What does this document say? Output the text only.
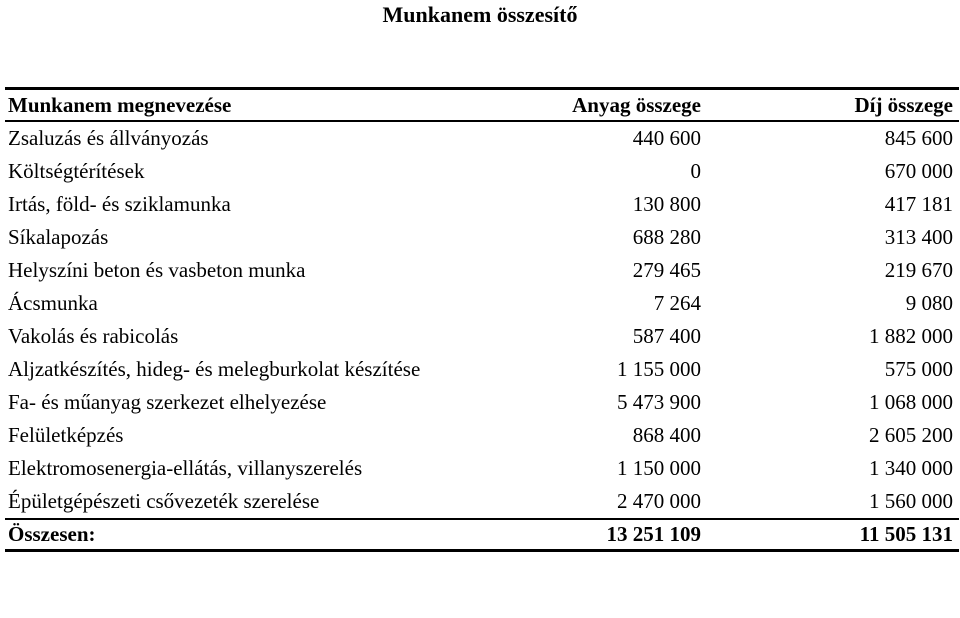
Munkanem összesítő
Munkanem megnevezése	Anyag összege	Díj összege
Zsaluzás és állványozás	440 600	845 600
Költségtérítések	0	670 000
Irtás, föld- és sziklamunka	130 800	417 181
Síkalapozás	688 280	313 400
Helyszíni beton és vasbeton munka	279 465	219 670
Ácsmunka	7 264	9 080
Vakolás és rabicolás	587 400	1 882 000
Aljzatkészítés, hideg- és melegburkolat készítése	1 155 000	575 000
Fa- és műanyag szerkezet elhelyezése	5 473 900	1 068 000
Felületképzés	868 400	2 605 200
Elektromosenergia-ellátás, villanyszerelés	1 150 000	1 340 000
Épületgépészeti csővezeték szerelése	2 470 000	1 560 000
Összesen:	13 251 109	11 505 131
